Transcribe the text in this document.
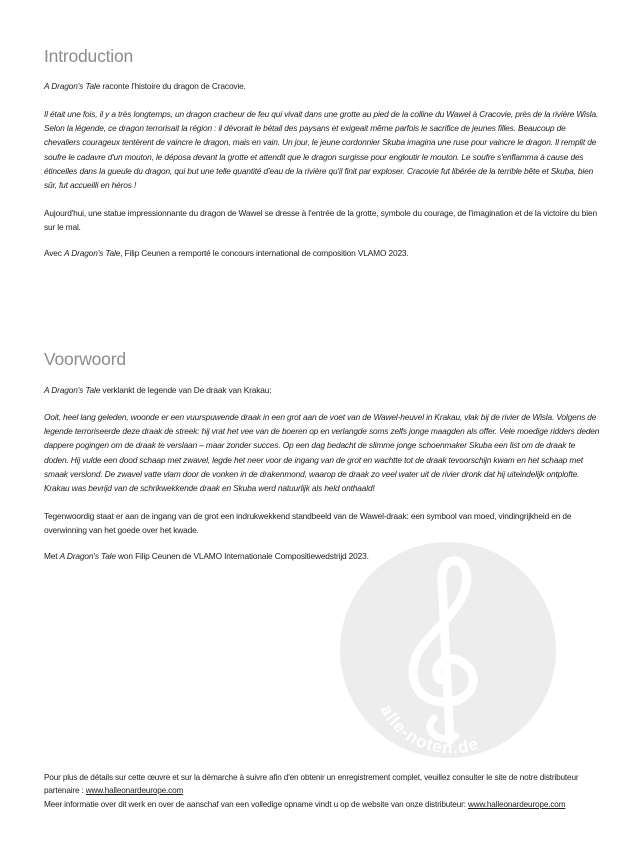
Introduction

A Dragon's Tale raconte l'histoire du dragon de Cracovie.

Il était une fois, il y a très longtemps, un dragon cracheur de feu qui vivait dans une grotte au pied de la colline du Wawel à Cracovie, près de la rivière Wisla. Selon la légende, ce dragon terrorisait la région : il dévorait le bétail des paysans et exigeait même parfois le sacrifice de jeunes filles. Beaucoup de chevaliers courageux tentèrent de vaincre le dragon, mais en vain. Un jour, le jeune cordonnier Skuba imagina une ruse pour vaincre le dragon. Il remplit de soufre le cadavre d'un mouton, le déposa devant la grotte et attendit que le dragon surgisse pour engloutir le mouton. Le soufre s'enflamma à cause des étincelles dans la gueule du dragon, qui but une telle quantité d'eau de la rivière qu'il finit par exploser. Cracovie fut libérée de la terrible bête et Skuba, bien sûr, fut accueilli en héros !

Aujourd'hui, une statue impressionnante du dragon de Wawel se dresse à l'entrée de la grotte, symbole du courage, de l'imagination et de la victoire du bien sur le mal.

Avec A Dragon's Tale, Filip Ceunen a remporté le concours international de composition VLAMO 2023.

Voorwoord

A Dragon's Tale verklankt de legende van De draak van Krakau:

Ooit, heel lang geleden, woonde er een vuurspuwende draak in een grot aan de voet van de Wawel-heuvel in Krakau, vlak bij de rivier de Wisla. Volgens de legende terroriseerde deze draak de streek: hij vrat het vee van de boeren op en verlangde soms zelfs jonge maagden als offer. Vele moedige ridders deden dappere pogingen om de draak te verslaan – maar zonder succes. Op een dag bedacht de slimme jonge schoenmaker Skuba een list om de draak te doden. Hij vulde een dood schaap met zwavel, legde het neer voor de ingang van de grot en wachtte tot de draak tevoorschijn kwam en het schaap met smaak verslond. De zwavel vatte vlam door de vonken in de drakenmond, waarop de draak zo veel water uit de rivier dronk dat hij uiteindelijk ontplofte. Krakau was bevrijd van de schrikwekkende draak en Skuba werd natuurlijk als held onthaald!

Tegenwoordig staat er aan de ingang van de grot een indrukwekkend standbeeld van de Wawel-draak: een symbool van moed, vindingrijkheid en de overwinning van het goede over het kwade.

Met A Dragon's Tale won Filip Ceunen de VLAMO Internationale Compositiewedstrijd 2023.

alle-noten.de

Pour plus de détails sur cette œuvre et sur la démarche à suivre afin d'en obtenir un enregistrement complet, veuillez consulter le site de notre distributeur partenaire : www.halleonardeurope.com

Meer informatie over dit werk en over de aanschaf van een volledige opname vindt u op de website van onze distributeur: www.halleonardeurope.com
